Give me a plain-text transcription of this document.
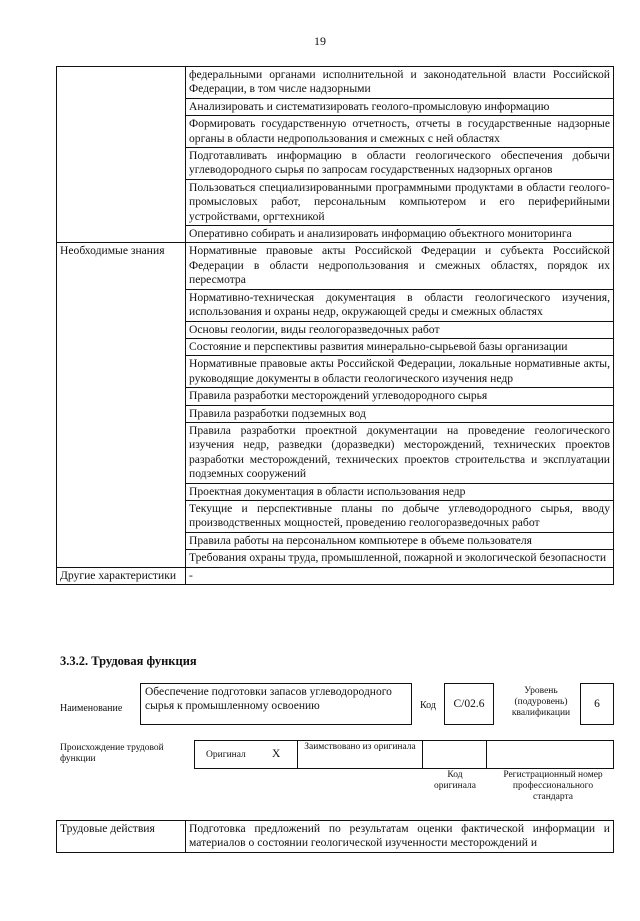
19
	федеральными органами исполнительной и законодательной власти Российской Федерации, в том числе надзорными
	Анализировать и систематизировать геолого-промысловую информацию
	Формировать государственную отчетность, отчеты в государственные надзорные органы в области недропользования и смежных с ней областях
	Подготавливать информацию в области геологического обеспечения добычи углеводородного сырья по запросам государственных надзорных органов
	Пользоваться специализированными программными продуктами в области геолого-промысловых работ, персональным компьютером и его периферийными устройствами, оргтехникой
	Оперативно собирать и анализировать информацию объектного мониторинга
Необходимые знания	Нормативные правовые акты Российской Федерации и субъекта Российской Федерации в области недропользования и смежных областях, порядок их пересмотра
	Нормативно-техническая документация в области геологического изучения, использования и охраны недр, окружающей среды и смежных областях
	Основы геологии, виды геологоразведочных работ
	Состояние и перспективы развития минерально-сырьевой базы организации
	Нормативные правовые акты Российской Федерации, локальные нормативные акты, руководящие документы в области геологического изучения недр
	Правила разработки месторождений углеводородного сырья
	Правила разработки подземных вод
	Правила разработки проектной документации на проведение геологического изучения недр, разведки (доразведки) месторождений, технических проектов разработки месторождений, технических проектов строительства и эксплуатации подземных сооружений
	Проектная документация в области использования недр
	Текущие и перспективные планы по добыче углеводородного сырья, вводу производственных мощностей, проведению геологоразведочных работ
	Правила работы на персональном компьютере в объеме пользователя
	Требования охраны труда, промышленной, пожарной и экологической безопасности
Другие характеристики	-
3.3.2. Трудовая функция
Наименование
Обеспечение подготовки запасов углеводородного сырья к промышленному освоению	Код C/02.6
Уровень (подуровень) квалификации
6
Происхождение трудовой функции	Оригинал X
Заимствовано из оригинала
Код оригинала
Регистрационный номер профессионального стандарта
Трудовые действия	Подготовка предложений по результатам оценки фактической информации и материалов о состоянии геологической изученности месторождений и
